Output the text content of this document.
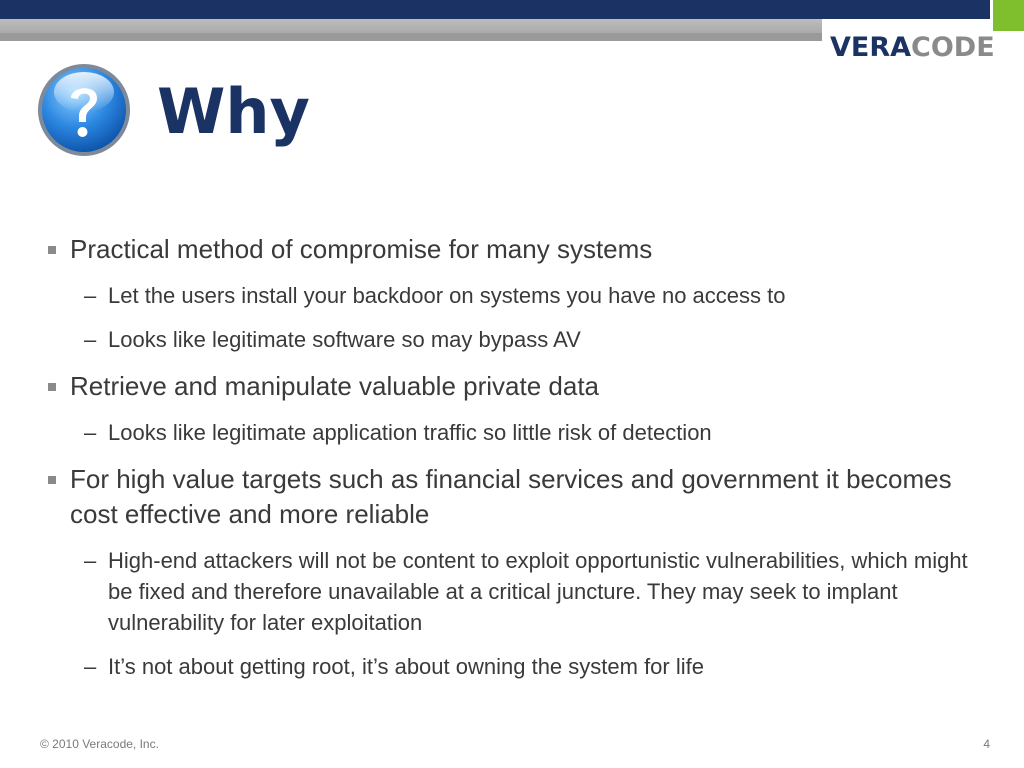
VERACODE
Why
Practical method of compromise for many systems
– Let the users install your backdoor on systems you have no access to
– Looks like legitimate software so may bypass AV
Retrieve and manipulate valuable private data
– Looks like legitimate application traffic so little risk of detection
For high value targets such as financial services and government it becomes cost effective and more reliable
– High-end attackers will not be content to exploit opportunistic vulnerabilities, which might be fixed and therefore unavailable at a critical juncture. They may seek to implant vulnerability for later exploitation
– It’s not about getting root, it’s about owning the system for life
© 2010 Veracode, Inc.	4
